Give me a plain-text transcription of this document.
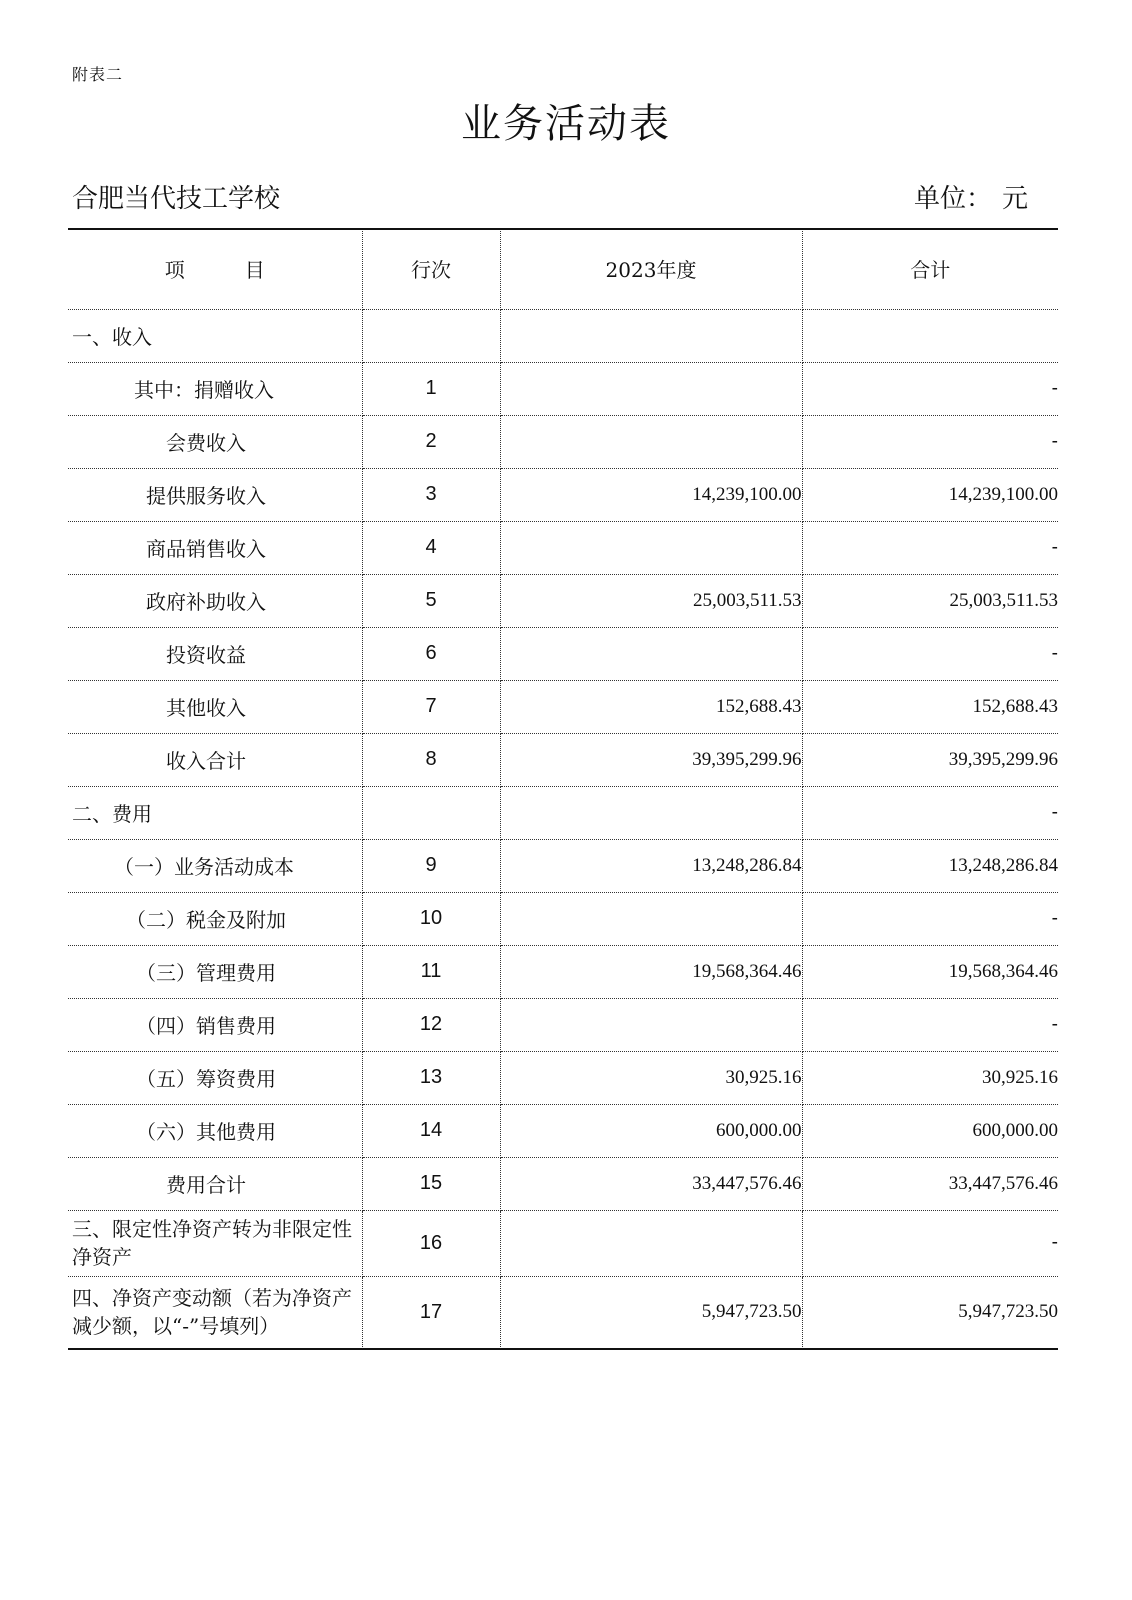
附表二
业务活动表
合肥当代技工学校	单位： 元
项 目	行次	2023年度	合计
一、收入			
其中：捐赠收入	1		-
会费收入	2		-
提供服务收入	3	14,239,100.00	14,239,100.00
商品销售收入	4		-
政府补助收入	5	25,003,511.53	25,003,511.53
投资收益	6		-
其他收入	7	152,688.43	152,688.43
收入合计	8	39,395,299.96	39,395,299.96
二、费用			-
（一）业务活动成本	9	13,248,286.84	13,248,286.84
（二）税金及附加	10		-
（三）管理费用	11	19,568,364.46	19,568,364.46
（四）销售费用	12		-
（五）筹资费用	13	30,925.16	30,925.16
（六）其他费用	14	600,000.00	600,000.00
费用合计	15	33,447,576.46	33,447,576.46
三、限定性净资产转为非限定性净资产	16		-
四、净资产变动额（若为净资产减少额，以“-”号填列）	17	5,947,723.50	5,947,723.50
